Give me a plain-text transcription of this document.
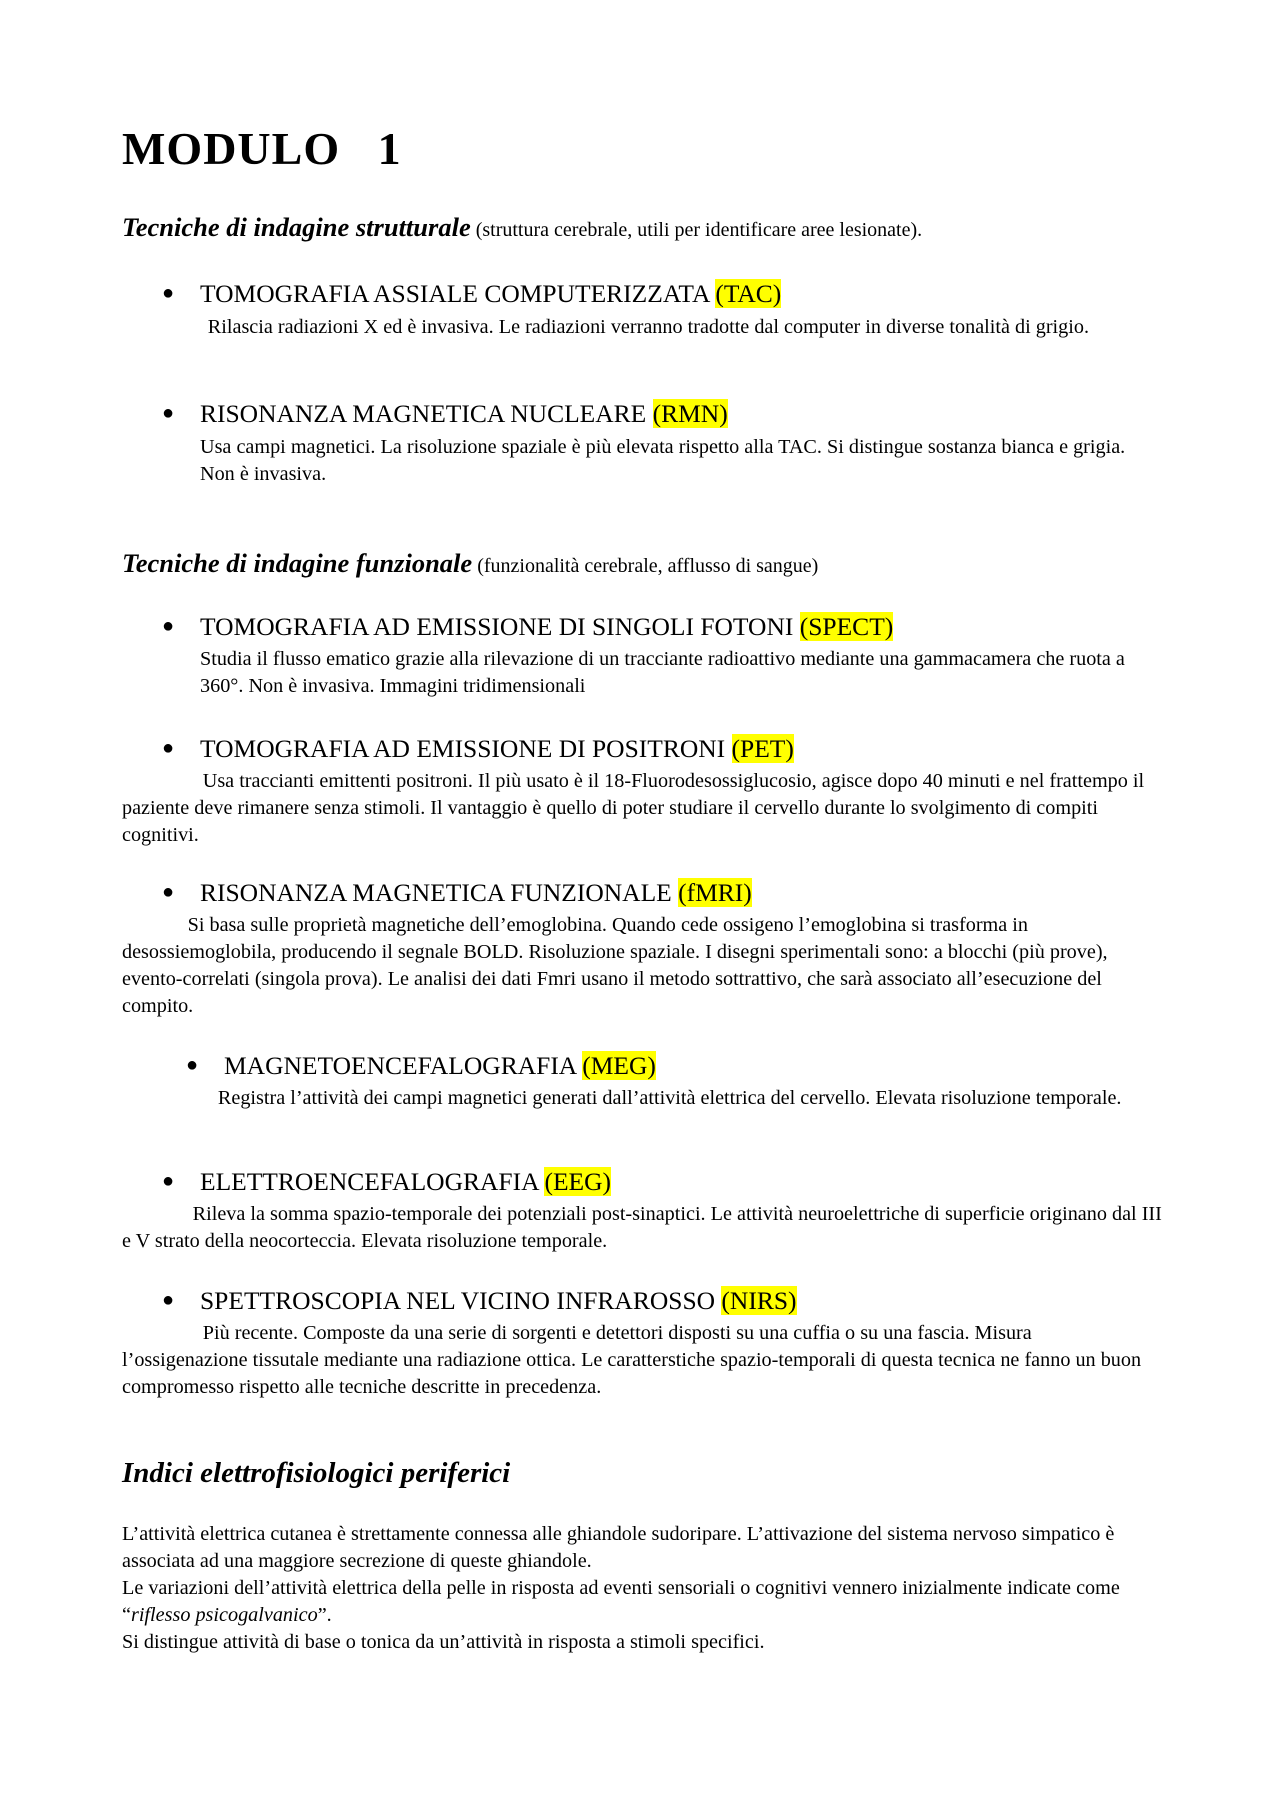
MODULO   1

Tecniche di indagine strutturale (struttura cerebrale, utili per identificare aree lesionate).

● TOMOGRAFIA ASSIALE COMPUTERIZZATA (TAC)

Rilascia radiazioni X ed è invasiva. Le radiazioni verranno tradotte dal computer in diverse tonalità di grigio.

● RISONANZA MAGNETICA NUCLEARE (RMN)

Usa campi magnetici. La risoluzione spaziale è più elevata rispetto alla TAC. Si distingue sostanza bianca e grigia. Non è invasiva.

Tecniche di indagine funzionale (funzionalità cerebrale, afflusso di sangue)

● TOMOGRAFIA AD EMISSIONE DI SINGOLI FOTONI (SPECT)

Studia il flusso ematico grazie alla rilevazione di un tracciante radioattivo mediante una gammacamera che ruota a 360°. Non è invasiva. Immagini tridimensionali

● TOMOGRAFIA AD EMISSIONE DI POSITRONI (PET)

Usa traccianti emittenti positroni. Il più usato è il 18-Fluorodesossiglucosio, agisce dopo 40 minuti e nel frattempo il paziente deve rimanere senza stimoli. Il vantaggio è quello di poter studiare il cervello durante lo svolgimento di compiti cognitivi.

● RISONANZA MAGNETICA FUNZIONALE (fMRI)

Si basa sulle proprietà magnetiche dell’emoglobina. Quando cede ossigeno l’emoglobina si trasforma in desossiemoglobila, producendo il segnale BOLD. Risoluzione spaziale. I disegni sperimentali sono: a blocchi (più prove), evento-correlati (singola prova). Le analisi dei dati Fmri usano il metodo sottrattivo, che sarà associato all’esecuzione del compito.

● MAGNETOENCEFALOGRAFIA (MEG)

Registra l’attività dei campi magnetici generati dall’attività elettrica del cervello. Elevata risoluzione temporale.

● ELETTROENCEFALOGRAFIA (EEG)

Rileva la somma spazio-temporale dei potenziali post-sinaptici. Le attività neuroelettriche di superficie originano dal III e V strato della neocorteccia. Elevata risoluzione temporale.

● SPETTROSCOPIA NEL VICINO INFRAROSSO (NIRS)

Più recente. Composte da una serie di sorgenti e detettori disposti su una cuffia o su una fascia. Misura l’ossigenazione tissutale mediante una radiazione ottica. Le caratterstiche spazio-temporali di questa tecnica ne fanno un buon compromesso rispetto alle tecniche descritte in precedenza.

Indici elettrofisiologici periferici

L’attività elettrica cutanea è strettamente connessa alle ghiandole sudoripare. L’attivazione del sistema nervoso simpatico è associata ad una maggiore secrezione di queste ghiandole.

Le variazioni dell’attività elettrica della pelle in risposta ad eventi sensoriali o cognitivi vennero inizialmente indicate come “riflesso psicogalvanico”.

Si distingue attività di base o tonica da un’attività in risposta a stimoli specifici.
